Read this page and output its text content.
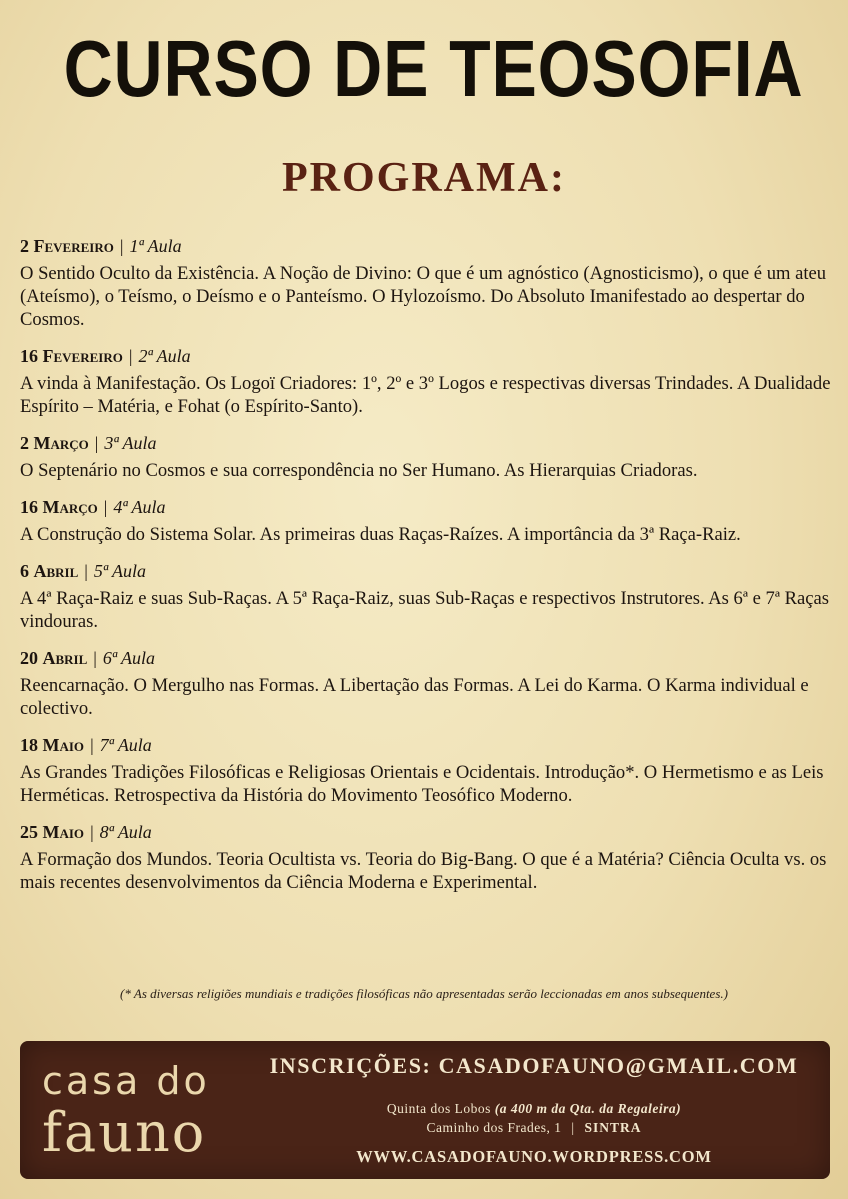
CURSO DE TEOSOFIA
PROGRAMA:
2 Fevereiro | 1ª Aula

O Sentido Oculto da Existência. A Noção de Divino: O que é um agnóstico (Agnosticismo), o que é um ateu (Ateísmo), o Teísmo, o Deísmo e o Panteísmo. O Hylozoísmo. Do Absoluto Imanifestado ao despertar do Cosmos.

16 Fevereiro | 2ª Aula

A vinda à Manifestação. Os Logoï Criadores: 1º, 2º e 3º Logos e respectivas diversas Trindades. A Dualidade Espírito – Matéria, e Fohat (o Espírito-Santo).

2 Março | 3ª Aula

O Septenário no Cosmos e sua correspondência no Ser Humano. As Hierarquias Criadoras.

16 Março | 4ª Aula

A Construção do Sistema Solar. As primeiras duas Raças-Raízes. A importância da 3ª Raça-Raiz.

6 Abril | 5ª Aula

A 4ª Raça-Raiz e suas Sub-Raças. A 5ª Raça-Raiz, suas Sub-Raças e respectivos Instrutores. As 6ª e 7ª Raças vindouras.

20 Abril | 6ª Aula

Reencarnação. O Mergulho nas Formas. A Libertação das Formas. A Lei do Karma. O Karma individual e colectivo.

18 Maio | 7ª Aula

As Grandes Tradições Filosóficas e Religiosas Orientais e Ocidentais. Introdução*. O Hermetismo e as Leis Herméticas. Retrospectiva da História do Movimento Teosófico Moderno.

25 Maio | 8ª Aula

A Formação dos Mundos. Teoria Ocultista vs. Teoria do Big-Bang. O que é a Matéria? Ciência Oculta vs. os mais recentes desenvolvimentos da Ciência Moderna e Experimental.

(* As diversas religiões mundiais e tradições filosóficas não apresentadas serão leccionadas em anos subsequentes.)
casa do
fauno
INSCRIÇÕES: CASADOFAUNO@GMAIL.COM
Quinta dos Lobos (a 400 m da Qta. da Regaleira)
Caminho dos Frades, 1 | SINTRA
WWW.CASADOFAUNO.WORDPRESS.COM
